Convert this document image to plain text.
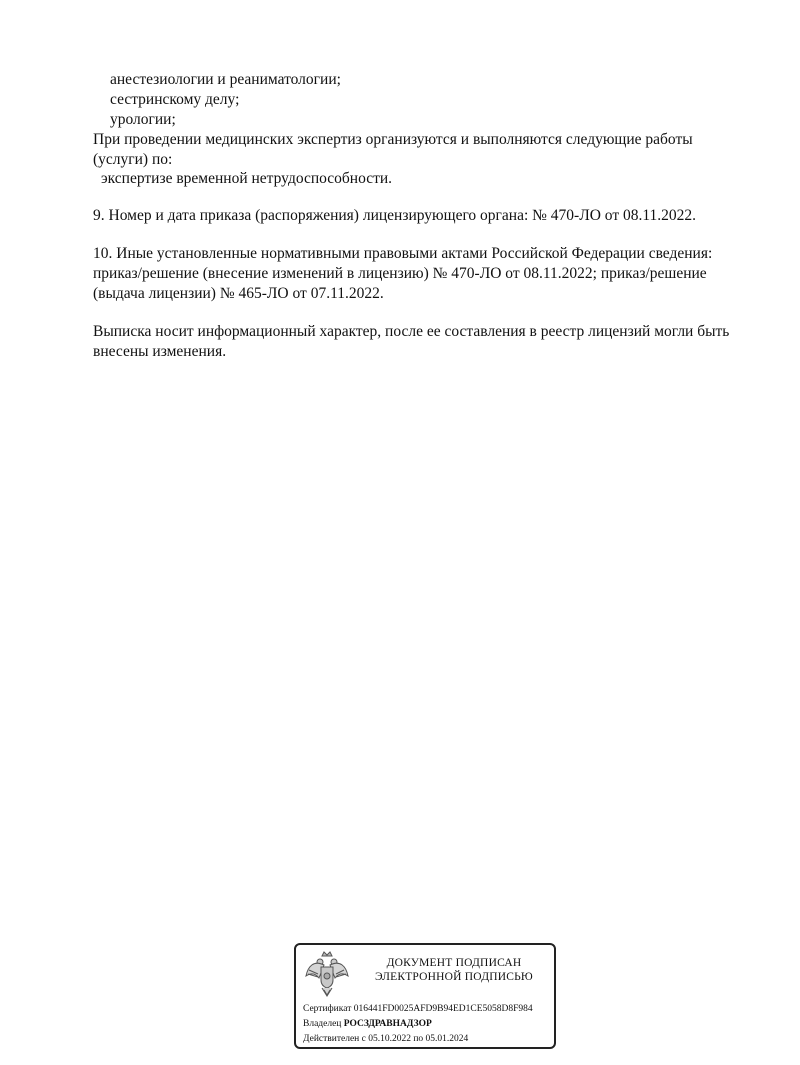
анестезиологии и реаниматологии;
сестринскому делу;
урологии;
При проведении медицинских экспертиз организуются и выполняются следующие работы
(услуги) по:
экспертизе временной нетрудоспособности.
9. Номер и дата приказа (распоряжения) лицензирующего органа: № 470-ЛО от 08.11.2022.
10. Иные установленные нормативными правовыми актами Российской Федерации сведения:
приказ/решение (внесение изменений в лицензию) № 470-ЛО от 08.11.2022; приказ/решение
(выдача лицензии) № 465-ЛО от 07.11.2022.
Выписка носит информационный характер, после ее составления в реестр лицензий могли быть
внесены изменения.
ДОКУМЕНТ ПОДПИСАН
ЭЛЕКТРОННОЙ ПОДПИСЬЮ
Сертификат 016441FD0025AFD9B94ED1CE5058D8F984
Владелец РОСЗДРАВНАДЗОР
Действителен с 05.10.2022 по 05.01.2024
